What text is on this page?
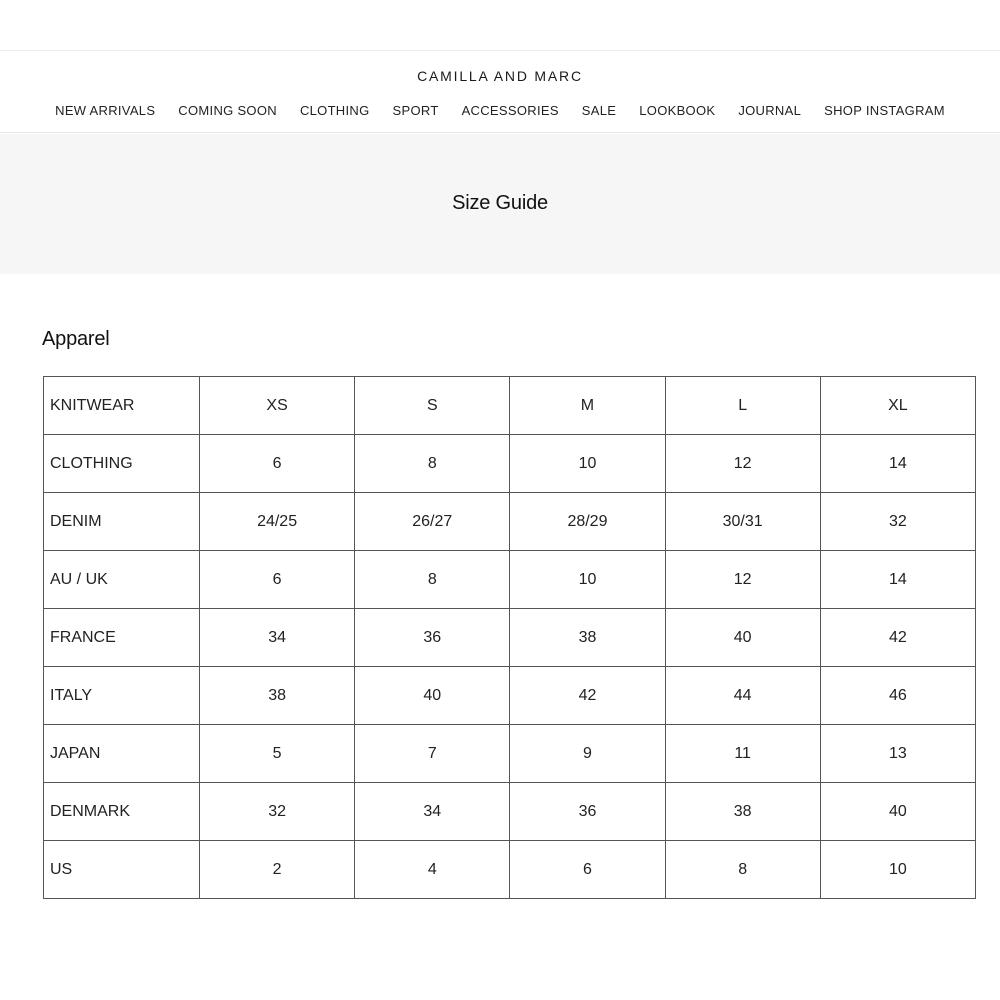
CAMILLA AND MARC
NEW ARRIVALS COMING SOON CLOTHING SPORT ACCESSORIES SALE LOOKBOOK JOURNAL SHOP INSTAGRAM
Size Guide
Apparel
KNITWEAR	XS	S	M	L	XL
CLOTHING	6	8	10	12	14
DENIM	24/25	26/27	28/29	30/31	32
AU / UK	6	8	10	12	14
FRANCE	34	36	38	40	42
ITALY	38	40	42	44	46
JAPAN	5	7	9	11	13
DENMARK	32	34	36	38	40
US	2	4	6	8	10
